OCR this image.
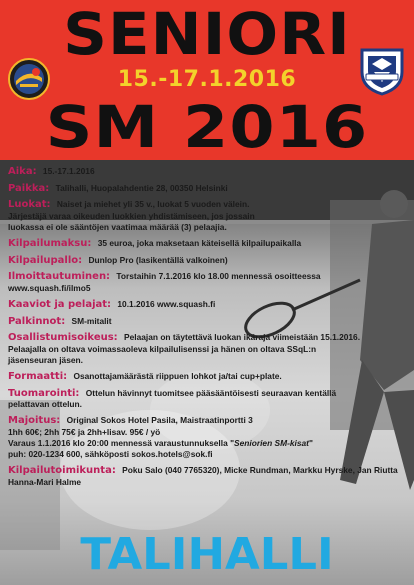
SENIORI
15.-17.1.2016
SM 2016
Aika: 15.-17.1.2016
Paikka: Talihalli, Huopalahdentie 28, 00350 Helsinki
Luokat: Naiset ja miehet yli 35 v., luokat 5 vuoden välein.
Järjestäjä varaa oikeuden luokkien yhdistämiseen, jos jossain
luokassa ei ole sääntöjen vaatimaa määrää (3) pelaajia.
Kilpailumaksu: 35 euroa, joka maksetaan käteisellä kilpailupaikalla
Kilpailupallo: Dunlop Pro (lasikentällä valkoinen)
Ilmoittautuminen: Torstaihin 7.1.2016 klo 18.00 mennessä osoitteessa
www.squash.fi/ilmo5
Kaaviot ja pelajat: 10.1.2016 www.squash.fi
Palkinnot: SM-mitalit
Osallistumisoikeus: Pelaajan on täytettävä luokan ikäraja viimeistään 15.1.2016.
Pelaajalla on oltava voimassaoleva kilpailulisenssi ja hänen on oltava SSqL:n
jäsenseuran jäsen.
Formaatti: Osanottajamäärästä riippuen lohkot ja/tai cup+plate.
Tuomarointi: Ottelun hävinnyt tuomitsee pääsääntöisesti seuraavan kentällä
pelattavan ottelun.
Majoitus: Original Sokos Hotel Pasila, Maistraatinportti 3
1hh 60€; 2hh 75€ ja 2hh+lisav. 95€ / yö
Varaus 1.1.2016 klo 20:00 mennessä varaustunnuksella "Seniorien SM-kisat"
puh: 020-1234 600, sähköposti sokos.hotels@sok.fi
Kilpailutoimikunta: Poku Salo (040 7765320), Micke Rundman, Markku Hyrske, Jan Riutta
Hanna-Mari Halme
TALIHALLI
